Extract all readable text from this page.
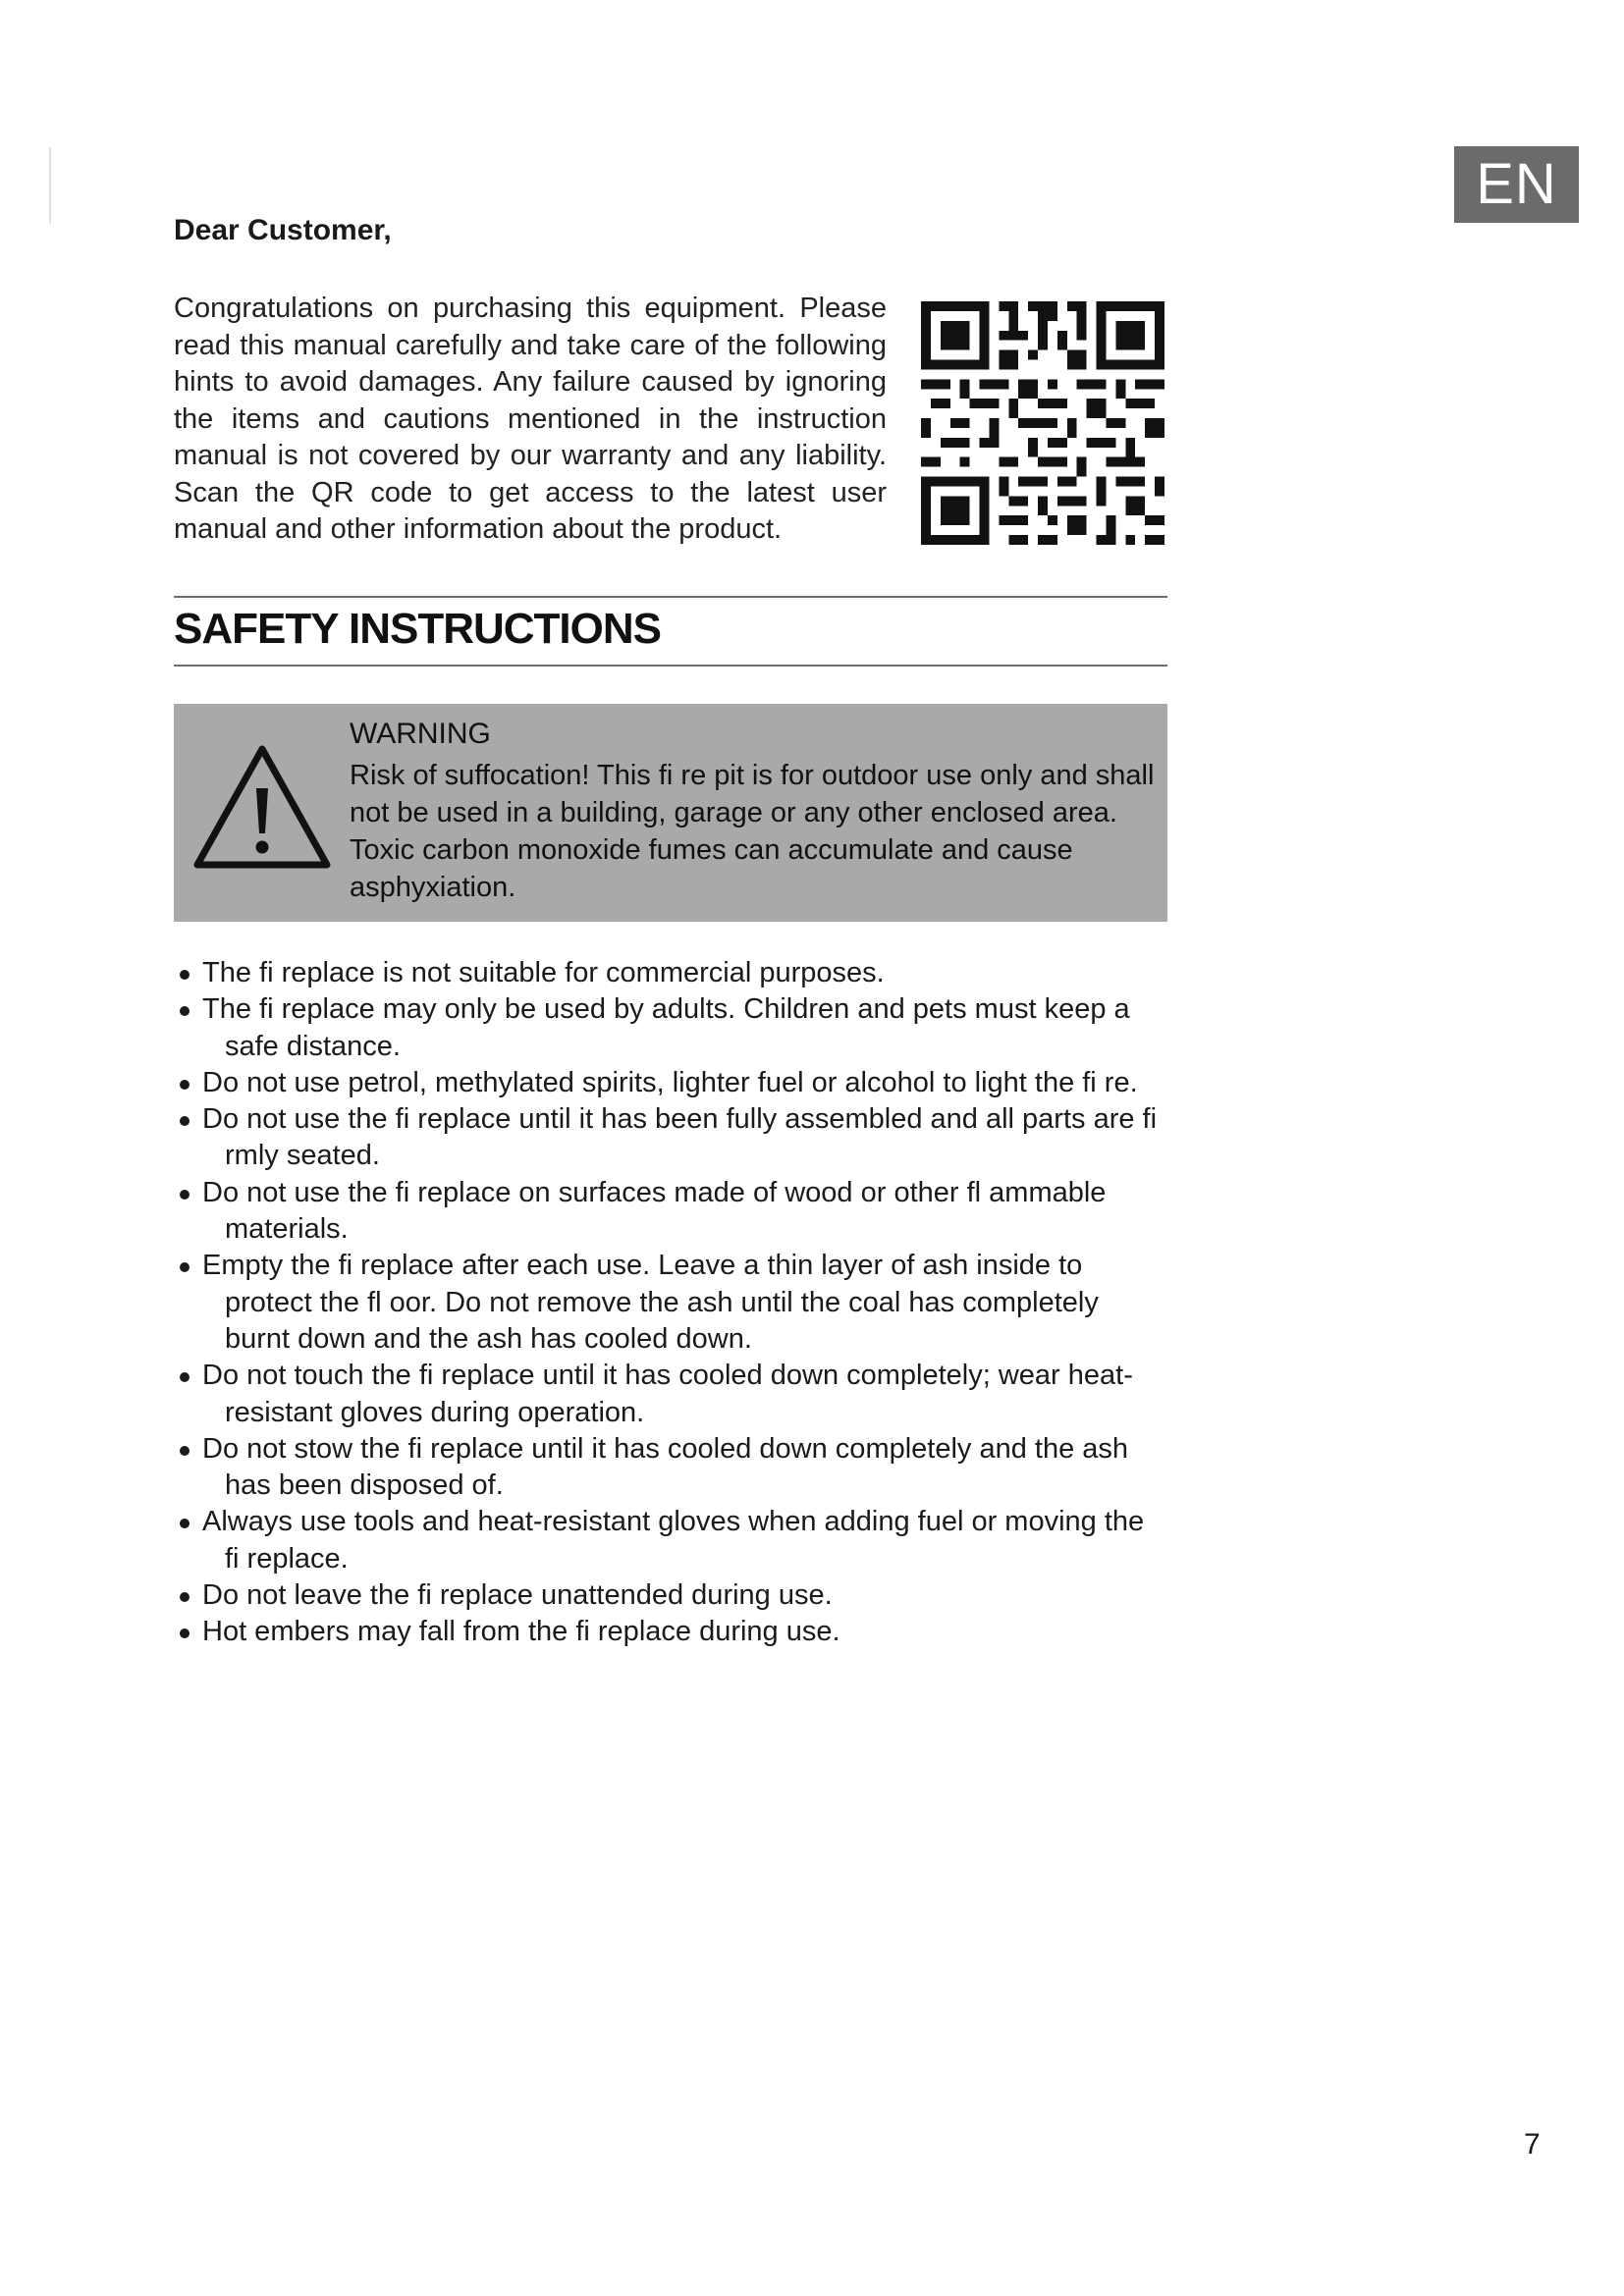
EN

Dear Customer,

Congratulations on purchasing this equipment. Please read this manual carefully and take care of the following hints to avoid damages. Any failure caused by ignoring the items and cautions mentioned in the instruction manual is not covered by our warranty and any liability. Scan the QR code to get access to the latest user manual and other information about the product.

SAFETY INSTRUCTIONS

WARNING

Risk of suffocation! This fi re pit is for outdoor use only and shall not be used in a building, garage or any other enclosed area. Toxic carbon monoxide fumes can accumulate and cause asphyxiation.

The fi replace is not suitable for commercial purposes.
The fi replace may only be used by adults. Children and pets must keep a safe distance.
Do not use petrol, methylated spirits, lighter fuel or alcohol to light the fi re.
Do not use the fi replace until it has been fully assembled and all parts are fi rmly seated.
Do not use the fi replace on surfaces made of wood or other fl ammable materials.
Empty the fi replace after each use. Leave a thin layer of ash inside to protect the fl oor. Do not remove the ash until the coal has completely burnt down and the ash has cooled down.
Do not touch the fi replace until it has cooled down completely; wear heat-resistant gloves during operation.
Do not stow the fi replace until it has cooled down completely and the ash has been disposed of.
Always use tools and heat-resistant gloves when adding fuel or moving the fi replace.
Do not leave the fi replace unattended during use.
Hot embers may fall from the fi replace during use.

7
